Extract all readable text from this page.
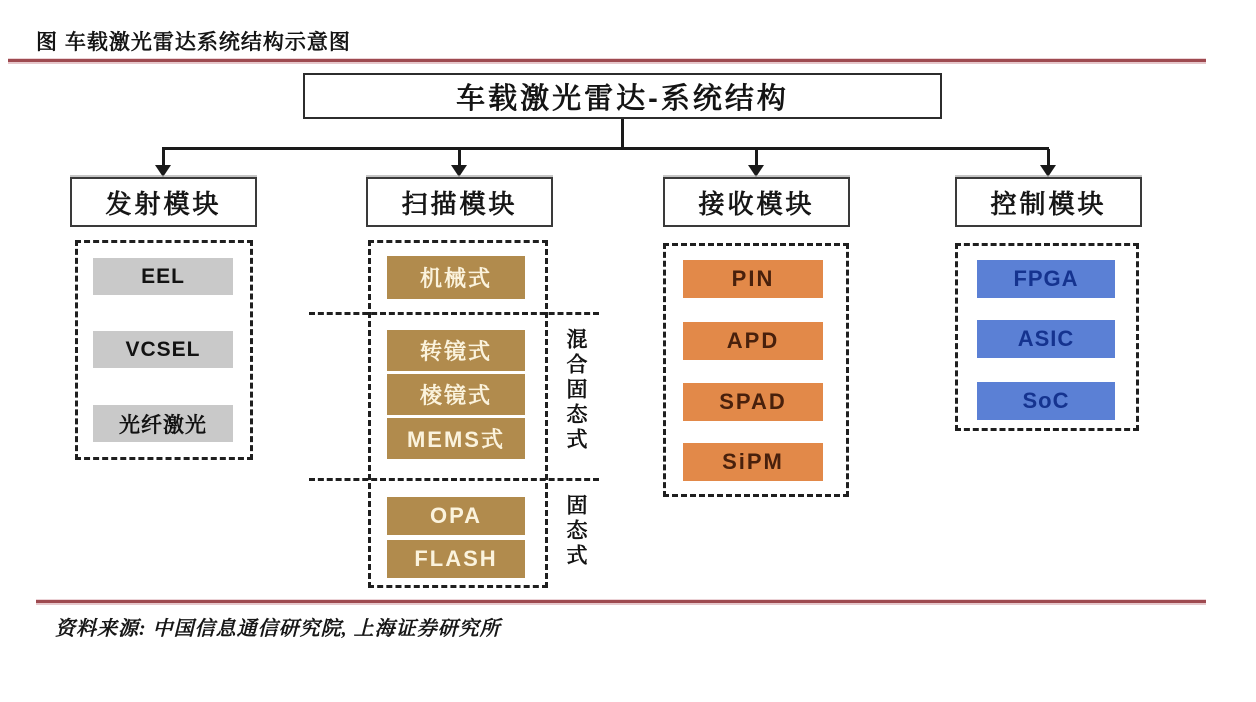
图 车载激光雷达系统结构示意图
车载激光雷达-系统结构
发射模块	扫描模块	接收模块	控制模块
EEL
VCSEL
光纤激光
机械式
转镜式
棱镜式
MEMS式
OPA
FLASH
混合固态式
固态式
PIN
APD
SPAD
SiPM
FPGA
ASIC
SoC
资料来源: 中国信息通信研究院, 上海证券研究所
